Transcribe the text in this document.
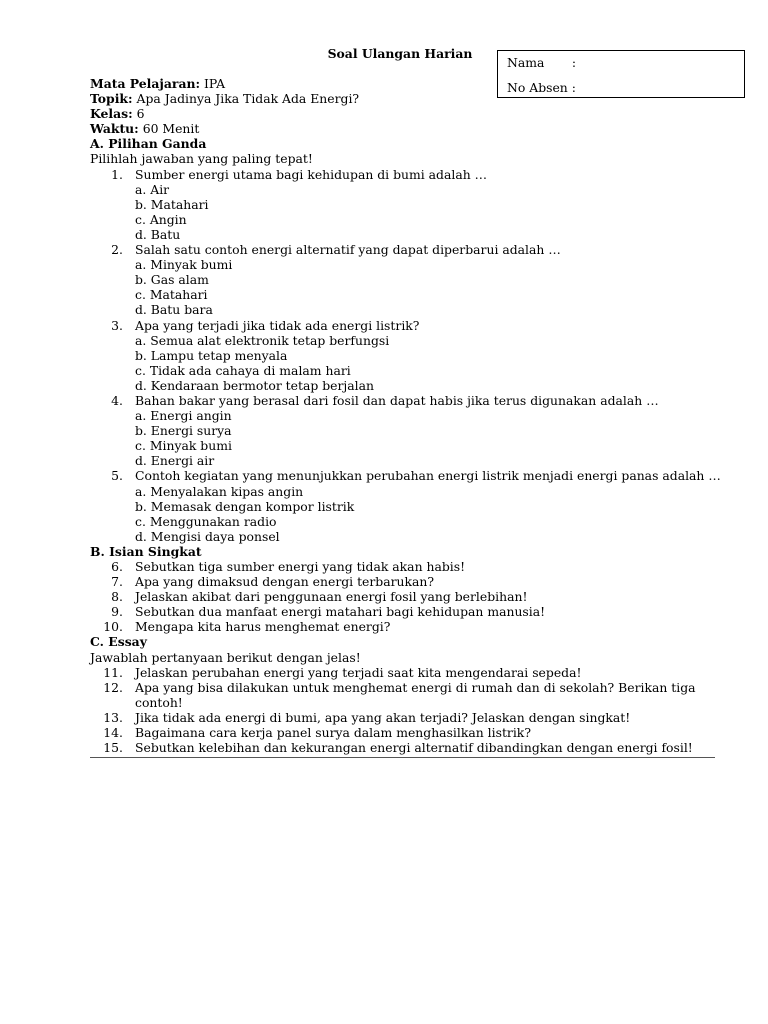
Soal Ulangan Harian
Nama       :
No Absen :
Mata Pelajaran: IPA
Topik: Apa Jadinya Jika Tidak Ada Energi?
Kelas: 6
Waktu: 60 Menit
A. Pilihan Ganda
Pilihlah jawaban yang paling tepat!
1. Sumber energi utama bagi kehidupan di bumi adalah …
a. Air
b. Matahari
c. Angin
d. Batu
2. Salah satu contoh energi alternatif yang dapat diperbarui adalah …
a. Minyak bumi
b. Gas alam
c. Matahari
d. Batu bara
3. Apa yang terjadi jika tidak ada energi listrik?
a. Semua alat elektronik tetap berfungsi
b. Lampu tetap menyala
c. Tidak ada cahaya di malam hari
d. Kendaraan bermotor tetap berjalan
4. Bahan bakar yang berasal dari fosil dan dapat habis jika terus digunakan adalah …
a. Energi angin
b. Energi surya
c. Minyak bumi
d. Energi air
5. Contoh kegiatan yang menunjukkan perubahan energi listrik menjadi energi panas adalah …
a. Menyalakan kipas angin
b. Memasak dengan kompor listrik
c. Menggunakan radio
d. Mengisi daya ponsel
B. Isian Singkat
6. Sebutkan tiga sumber energi yang tidak akan habis!
7. Apa yang dimaksud dengan energi terbarukan?
8. Jelaskan akibat dari penggunaan energi fosil yang berlebihan!
9. Sebutkan dua manfaat energi matahari bagi kehidupan manusia!
10. Mengapa kita harus menghemat energi?
C. Essay
Jawablah pertanyaan berikut dengan jelas!
11. Jelaskan perubahan energi yang terjadi saat kita mengendarai sepeda!
12. Apa yang bisa dilakukan untuk menghemat energi di rumah dan di sekolah? Berikan tiga contoh!
13. Jika tidak ada energi di bumi, apa yang akan terjadi? Jelaskan dengan singkat!
14. Bagaimana cara kerja panel surya dalam menghasilkan listrik?
15. Sebutkan kelebihan dan kekurangan energi alternatif dibandingkan dengan energi fosil!
